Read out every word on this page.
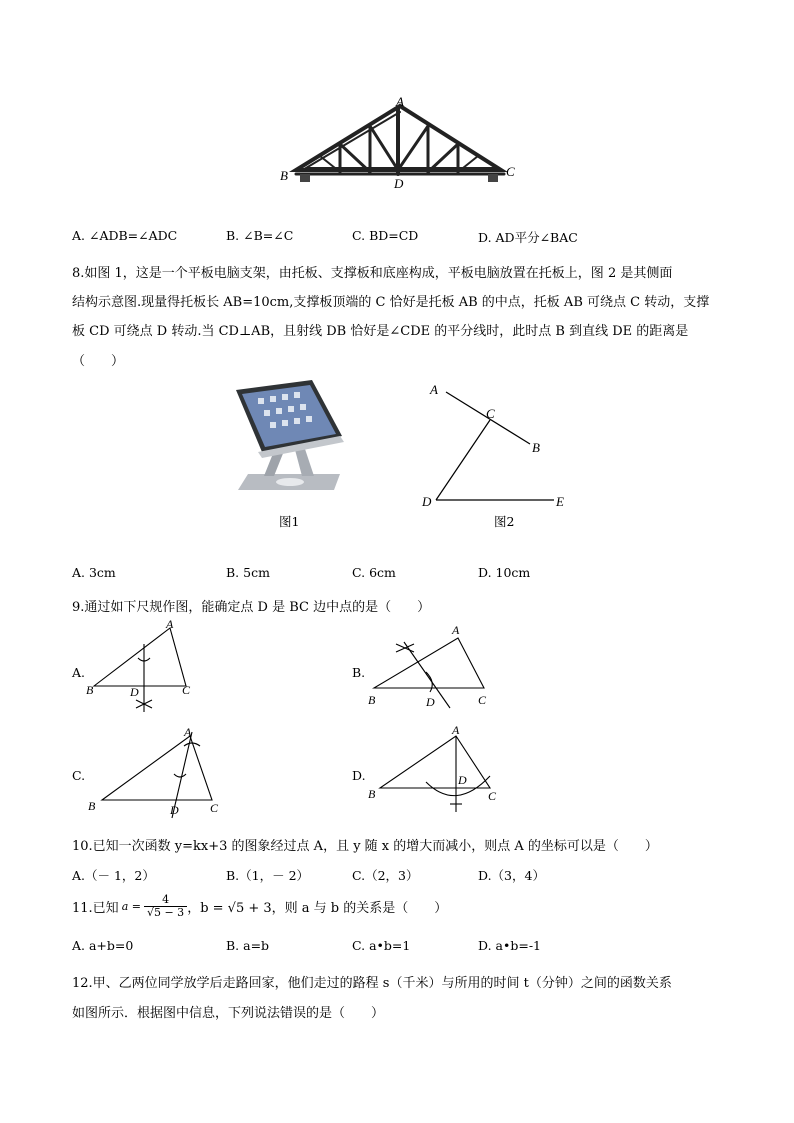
A
B
D
C
A. ∠ADB=∠ADC	B. ∠B=∠C	C. BD=CD	D. AD平分∠BAC
8.如图 1，这是一个平板电脑支架，由托板、支撑板和底座构成，平板电脑放置在托板上，图 2 是其侧面
结构示意图.现量得托板长 AB=10cm,支撑板顶端的 C 恰好是托板 AB 的中点，托板 AB 可绕点 C 转动，支撑
板 CD 可绕点 D 转动.当 CD⊥AB，且射线 DB 恰好是∠CDE 的平分线时，此时点 B 到直线 DE 的距离是
（　　）
图1
A
C
B
D	E
图2
A. 3cm	B. 5cm	C. 6cm	D. 10cm
9.通过如下尺规作图，能确定点 D 是 BC 边中点的是（　　）
A.
A
B	D	C
B.
A
B	D	C
C.
A
B	D	C
D.
A
B
D
C
10.已知一次函数 y=kx+3 的图象经过点 A，且 y 随 x 的增大而减小，则点 A 的坐标可以是（　　）
A.（－ 1，2）	B.（1，－ 2）	C.（2，3）	D.（3，4）
11.已知 $a = \frac{4}{√5 - 3}$ ，b = √5 + 3，则 a 与 b 的关系是（　　）
A. a+b=0	B. a=b	C. a•b=1	D. a•b=-1
12.甲、乙两位同学放学后走路回家，他们走过的路程 s（千米）与所用的时间 t（分钟）之间的函数关系
如图所示．根据图中信息，下列说法错误的是（　　）
